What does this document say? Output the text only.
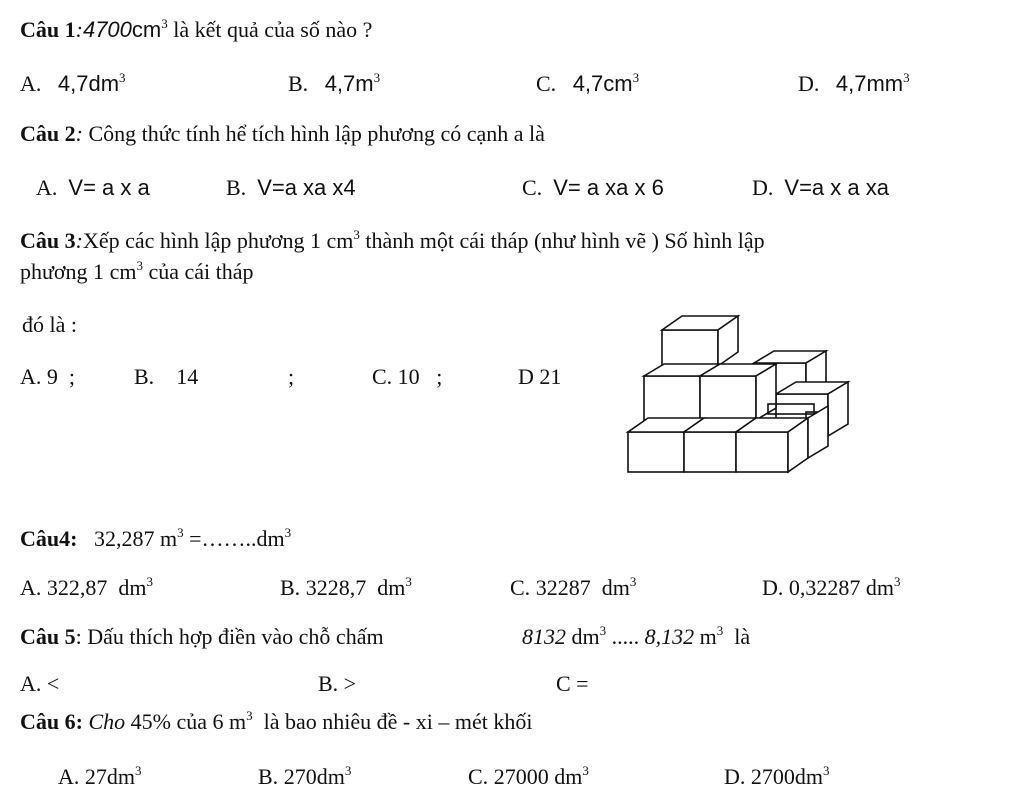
Câu $1:4700cm^3$ là kết quả của số nào ?
A. $4,7dm^3$	B. $4,7m^3$	C. $4,7cm^3$	D. $4,7mm^3$
Câu 2: Công thức tính hể tích hình lập phương có cạnh a là
A. V= a x a	B. V=a xa x4	C. V= a xa x 6	D. V=a x a xa
Câu 3:Xếp các hình lập phương 1 $cm^3$ thành một cái tháp (như hình vẽ ) Số hình lập
phương 1 $cm^3$ của cái tháp
đó là :
A. 9 ;	B. 14	;	C. 10 ;	D 21
Câu4: 32,287 $m^3$ $=\dots\dots..dm^3$
A. 322,87 $dm^3$	B. 3228,7 $dm^3$	C. 32287 $dm^3$	D. 0,32287 $dm^3$
Câu 5: Dấu thích hợp điền vào chỗ chấm	8132 $dm^3$ ..... 8,132 $m^3$ là
A. <	B. >	C =
Câu 6: Cho 45% của 6 $m^3$ là bao nhiêu đề - xi – mét khối
A. $27dm^3$	B. $270dm^3$	C. 27000 $dm^3$	D. $2700dm^3$
